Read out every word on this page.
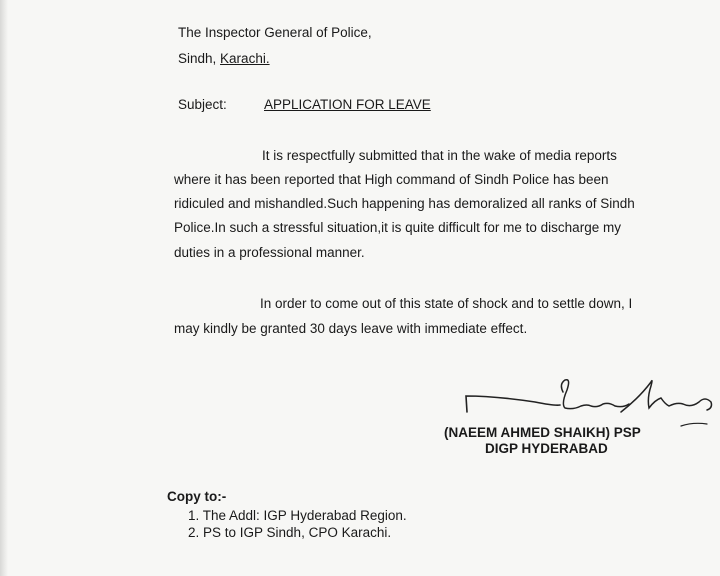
The Inspector General of Police,
Sindh, Karachi.
Subject:	APPLICATION FOR LEAVE
It is respectfully submitted that in the wake of media reports
where it has been reported that High command of Sindh Police has been
ridiculed and mishandled.Such happening has demoralized all ranks of Sindh
Police.In such a stressful situation,it is quite difficult for me to discharge my
duties in a professional manner.
In order to come out of this state of shock and to settle down, I
may kindly be granted 30 days leave with immediate effect.
(NAEEM AHMED SHAIKH) PSP
DIGP HYDERABAD
Copy to:-
1. The Addl: IGP Hyderabad Region.
2. PS to IGP Sindh, CPO Karachi.
